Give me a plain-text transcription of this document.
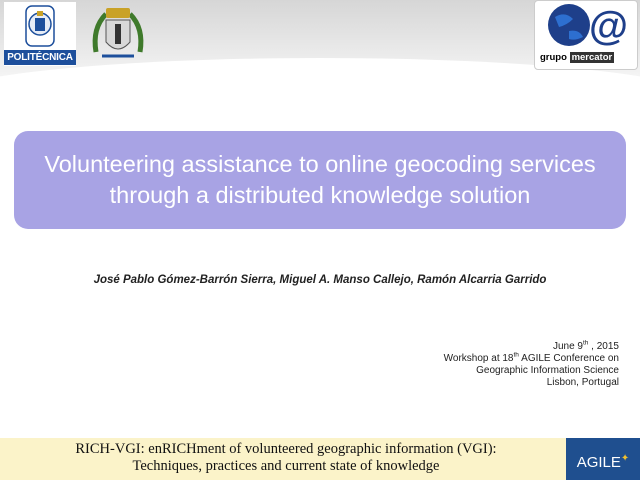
POLITÉCNICA
@
grupo mercator
Volunteering assistance to online geocoding services through a distributed knowledge solution
José Pablo Gómez-Barrón Sierra, Miguel A. Manso Callejo, Ramón Alcarria Garrido
June 9th , 2015
Workshop at 18th AGILE Conference on
Geographic Information Science
Lisbon, Portugal
RICH-VGI: enRICHment of volunteered geographic information (VGI):
Techniques, practices and current state of knowledge	AGILE✦
